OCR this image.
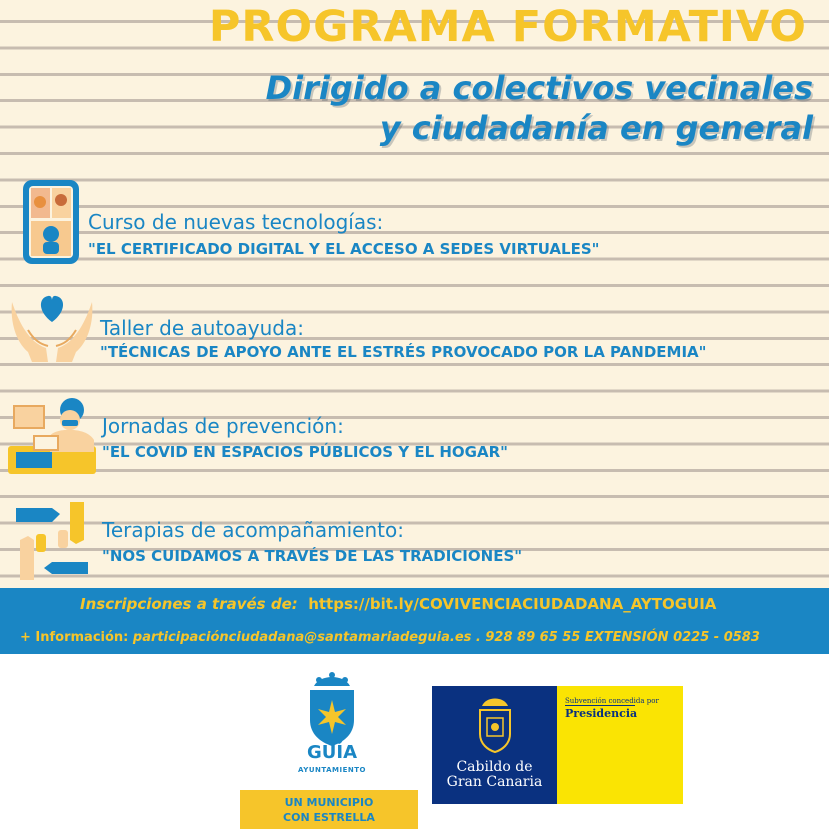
PROGRAMA FORMATIVO
Dirigido a colectivos vecinales
y ciudadanía en general
Curso de nuevas tecnologías:
"EL CERTIFICADO DIGITAL Y EL ACCESO A SEDES VIRTUALES"
Taller de autoayuda:
"TÉCNICAS DE APOYO ANTE EL ESTRÉS PROVOCADO POR LA PANDEMIA"
Jornadas de prevención:
"EL COVID EN ESPACIOS PÚBLICOS Y EL HOGAR"
Terapias de acompañamiento:
"NOS CUIDAMOS A TRAVÉS DE LAS TRADICIONES"
Inscripciones a través de: https://bit.ly/COVIVENCIACIUDADANA_AYTOGUIA
+ Información: participaciónciudadana@santamariadeguia.es . 928 89 65 55 EXTENSIÓN 0225 - 0583
GUÍA
AYUNTAMIENTO
UN MUNICIPIO
CON ESTRELLA
Cabildo de
Gran Canaria
Subvención concedida por
Presidencia
